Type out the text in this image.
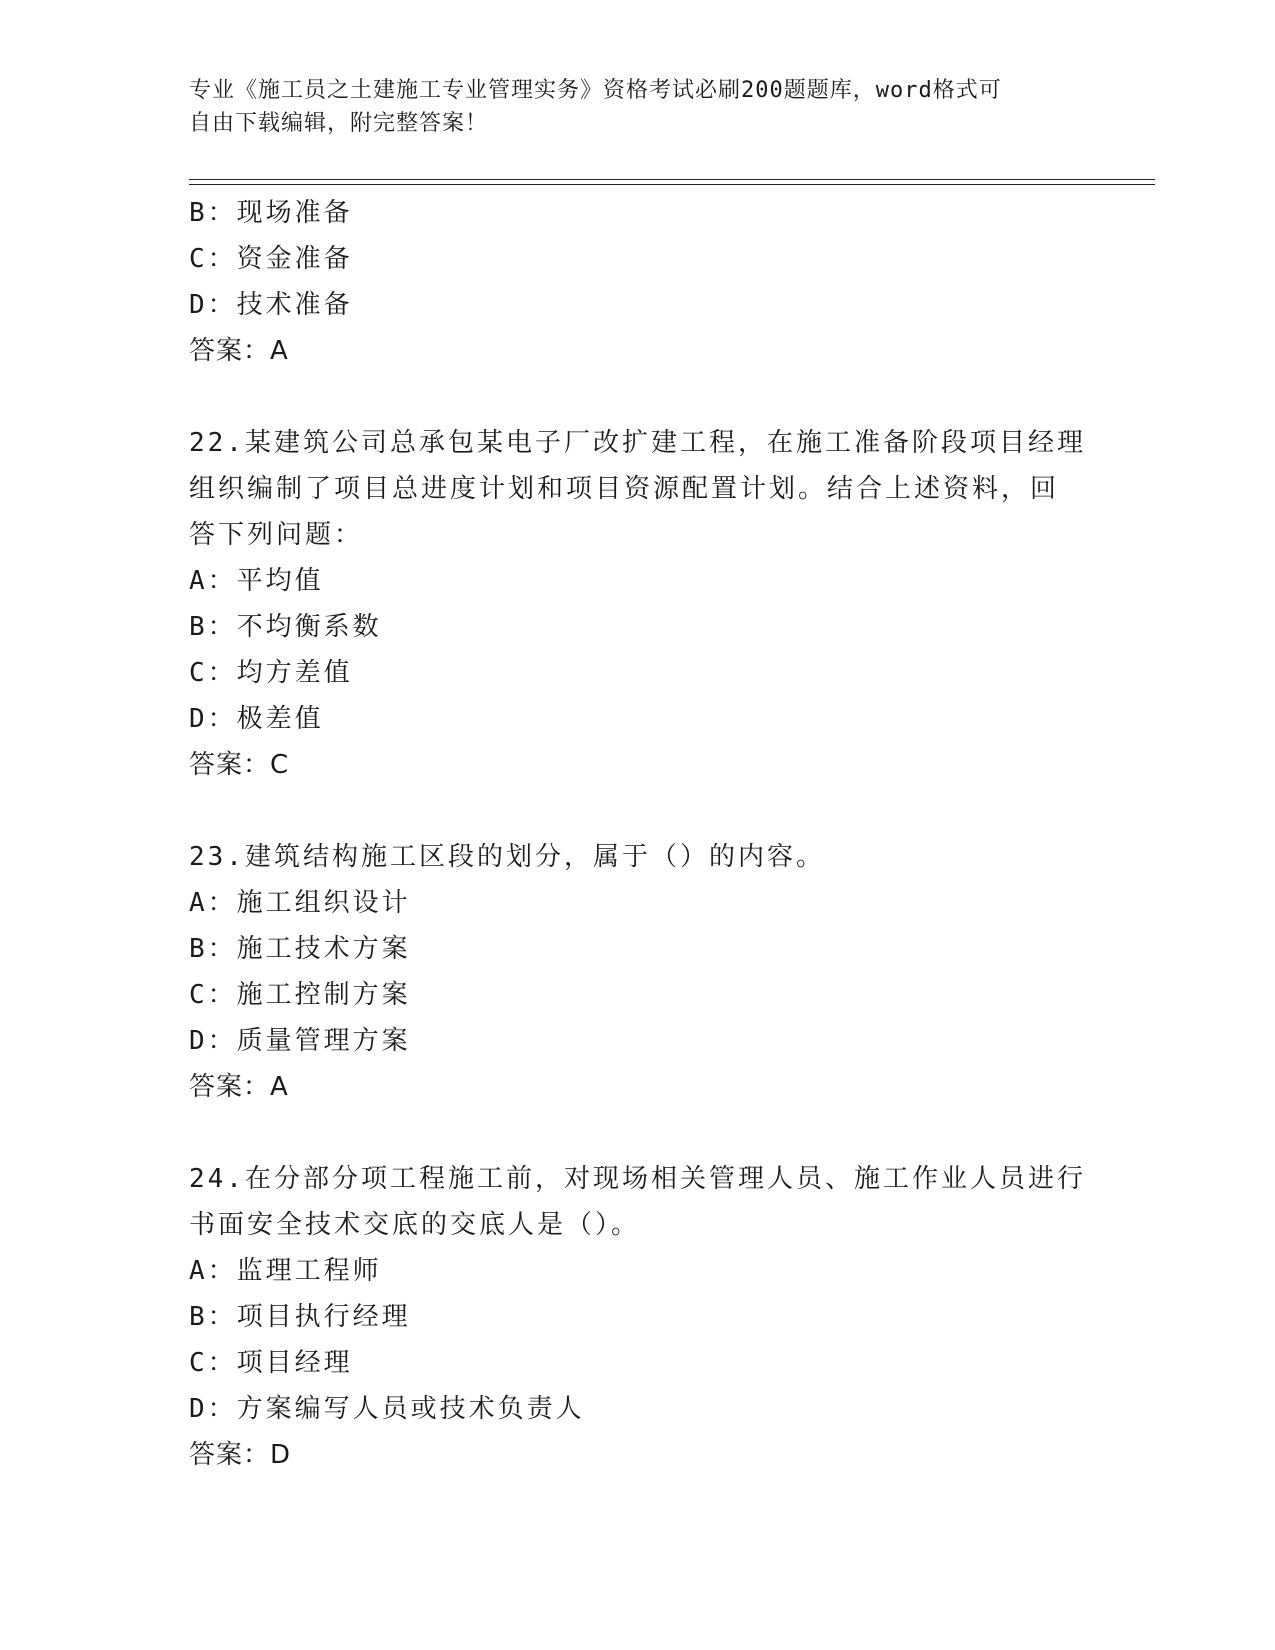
专业《施工员之土建施工专业管理实务》资格考试必刷200题题库，word格式可
自由下载编辑，附完整答案！
B：现场准备
C：资金准备
D：技术准备
答案：A
22.某建筑公司总承包某电子厂改扩建工程，在施工准备阶段项目经理
组织编制了项目总进度计划和项目资源配置计划。结合上述资料，回
答下列问题：
A：平均值
B：不均衡系数
C：均方差值
D：极差值
答案：C
23.建筑结构施工区段的划分，属于（）的内容。
A：施工组织设计
B：施工技术方案
C：施工控制方案
D：质量管理方案
答案：A
24.在分部分项工程施工前，对现场相关管理人员、施工作业人员进行
书面安全技术交底的交底人是（）。
A：监理工程师
B：项目执行经理
C：项目经理
D：方案编写人员或技术负责人
答案：D
